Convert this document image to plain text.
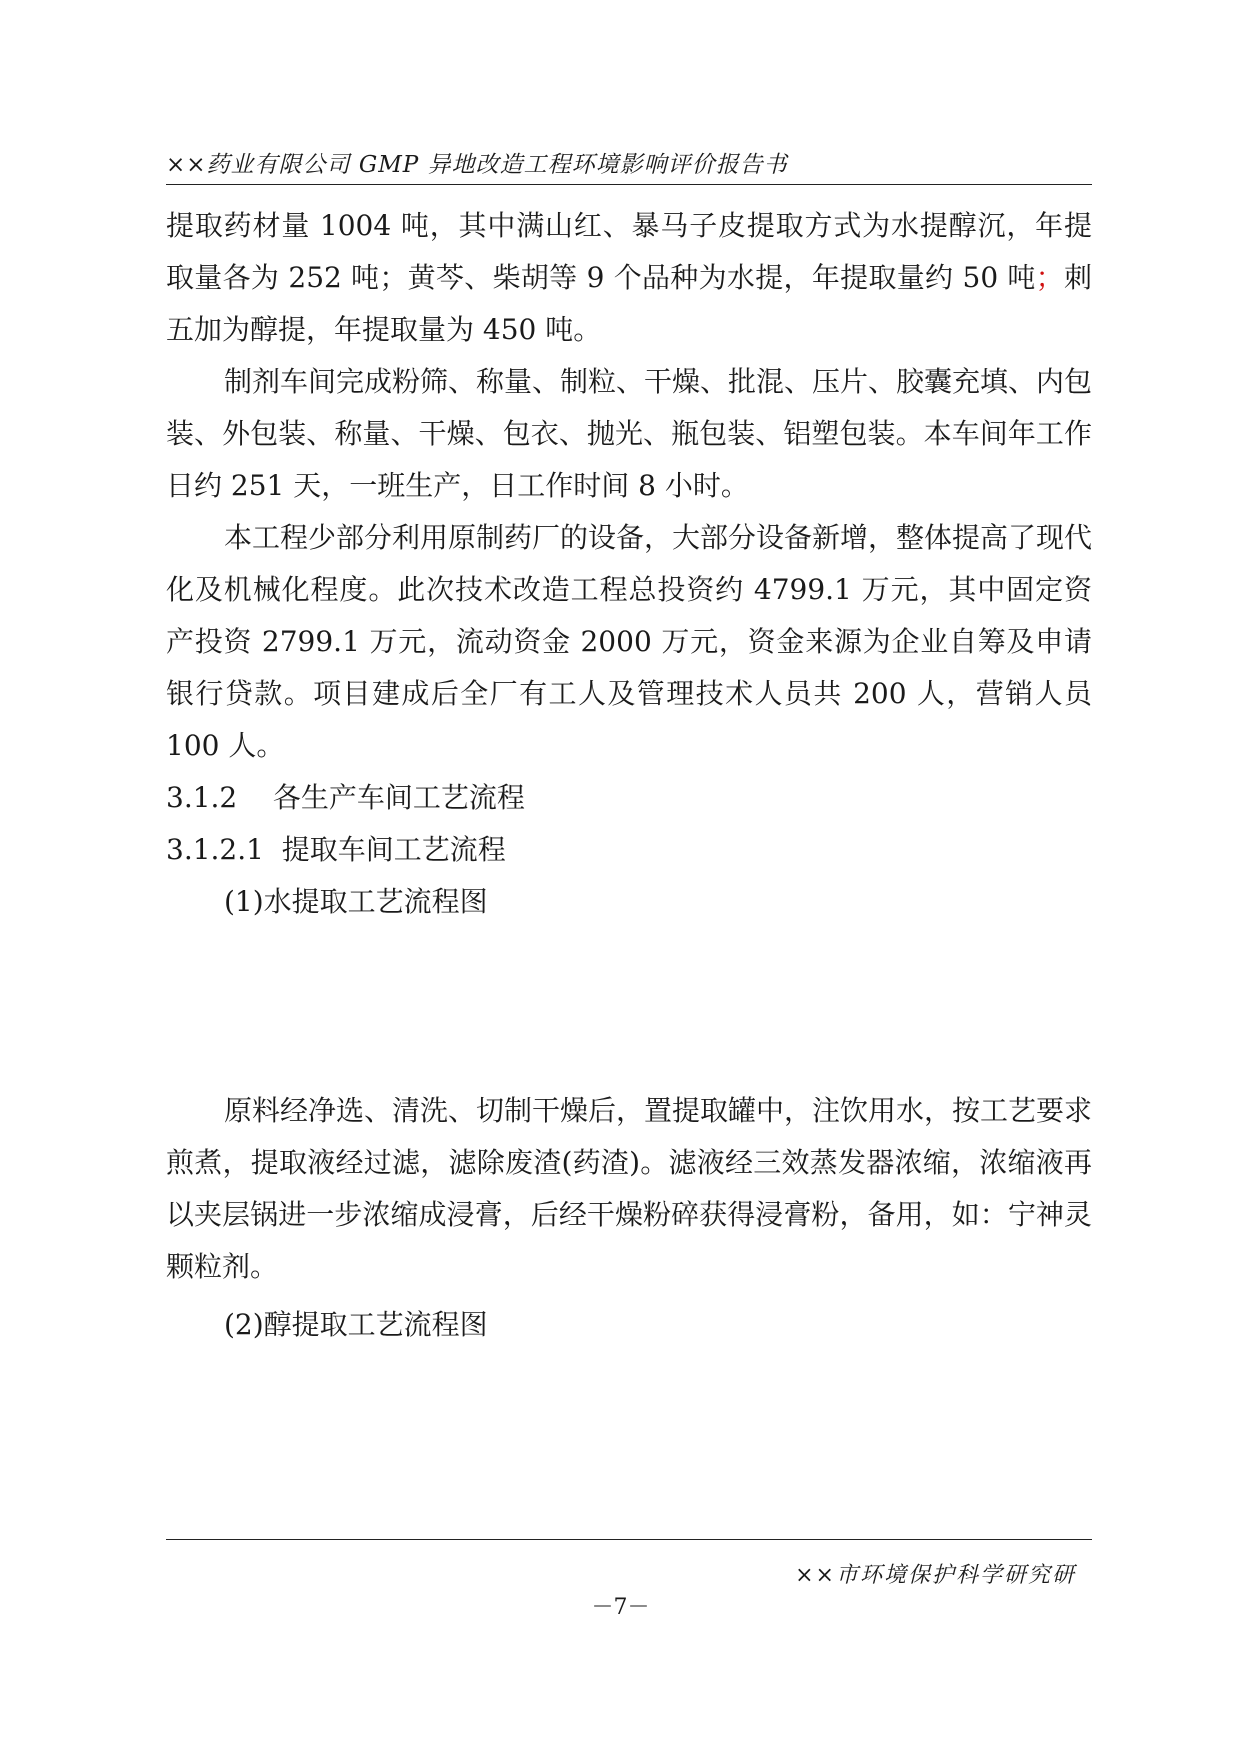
××药业有限公司 GMP 异地改造工程环境影响评价报告书

提取药材量 1004 吨，其中满山红、暴马子皮提取方式为水提醇沉，年提取量各为 252 吨；黄芩、柴胡等 9 个品种为水提，年提取量约 50 吨；刺五加为醇提，年提取量为 450 吨。

制剂车间完成粉筛、称量、制粒、干燥、批混、压片、胶囊充填、内包装、外包装、称量、干燥、包衣、抛光、瓶包装、铝塑包装。本车间年工作日约 251 天，一班生产，日工作时间 8 小时。

本工程少部分利用原制药厂的设备，大部分设备新增，整体提高了现代化及机械化程度。此次技术改造工程总投资约 4799.1 万元，其中固定资产投资 2799.1 万元，流动资金 2000 万元，资金来源为企业自筹及申请银行贷款。项目建成后全厂有工人及管理技术人员共 200 人，营销人员 100 人。

3.1.2    各生产车间工艺流程

3.1.2.1  提取车间工艺流程

(1)水提取工艺流程图

原料经净选、清洗、切制干燥后，置提取罐中，注饮用水，按工艺要求煎煮，提取液经过滤，滤除废渣(药渣)。滤液经三效蒸发器浓缩，浓缩液再以夹层锅进一步浓缩成浸膏，后经干燥粉碎获得浸膏粉，备用，如：宁神灵颗粒剂。

(2)醇提取工艺流程图

××市环境保护科学研究研
－7－
